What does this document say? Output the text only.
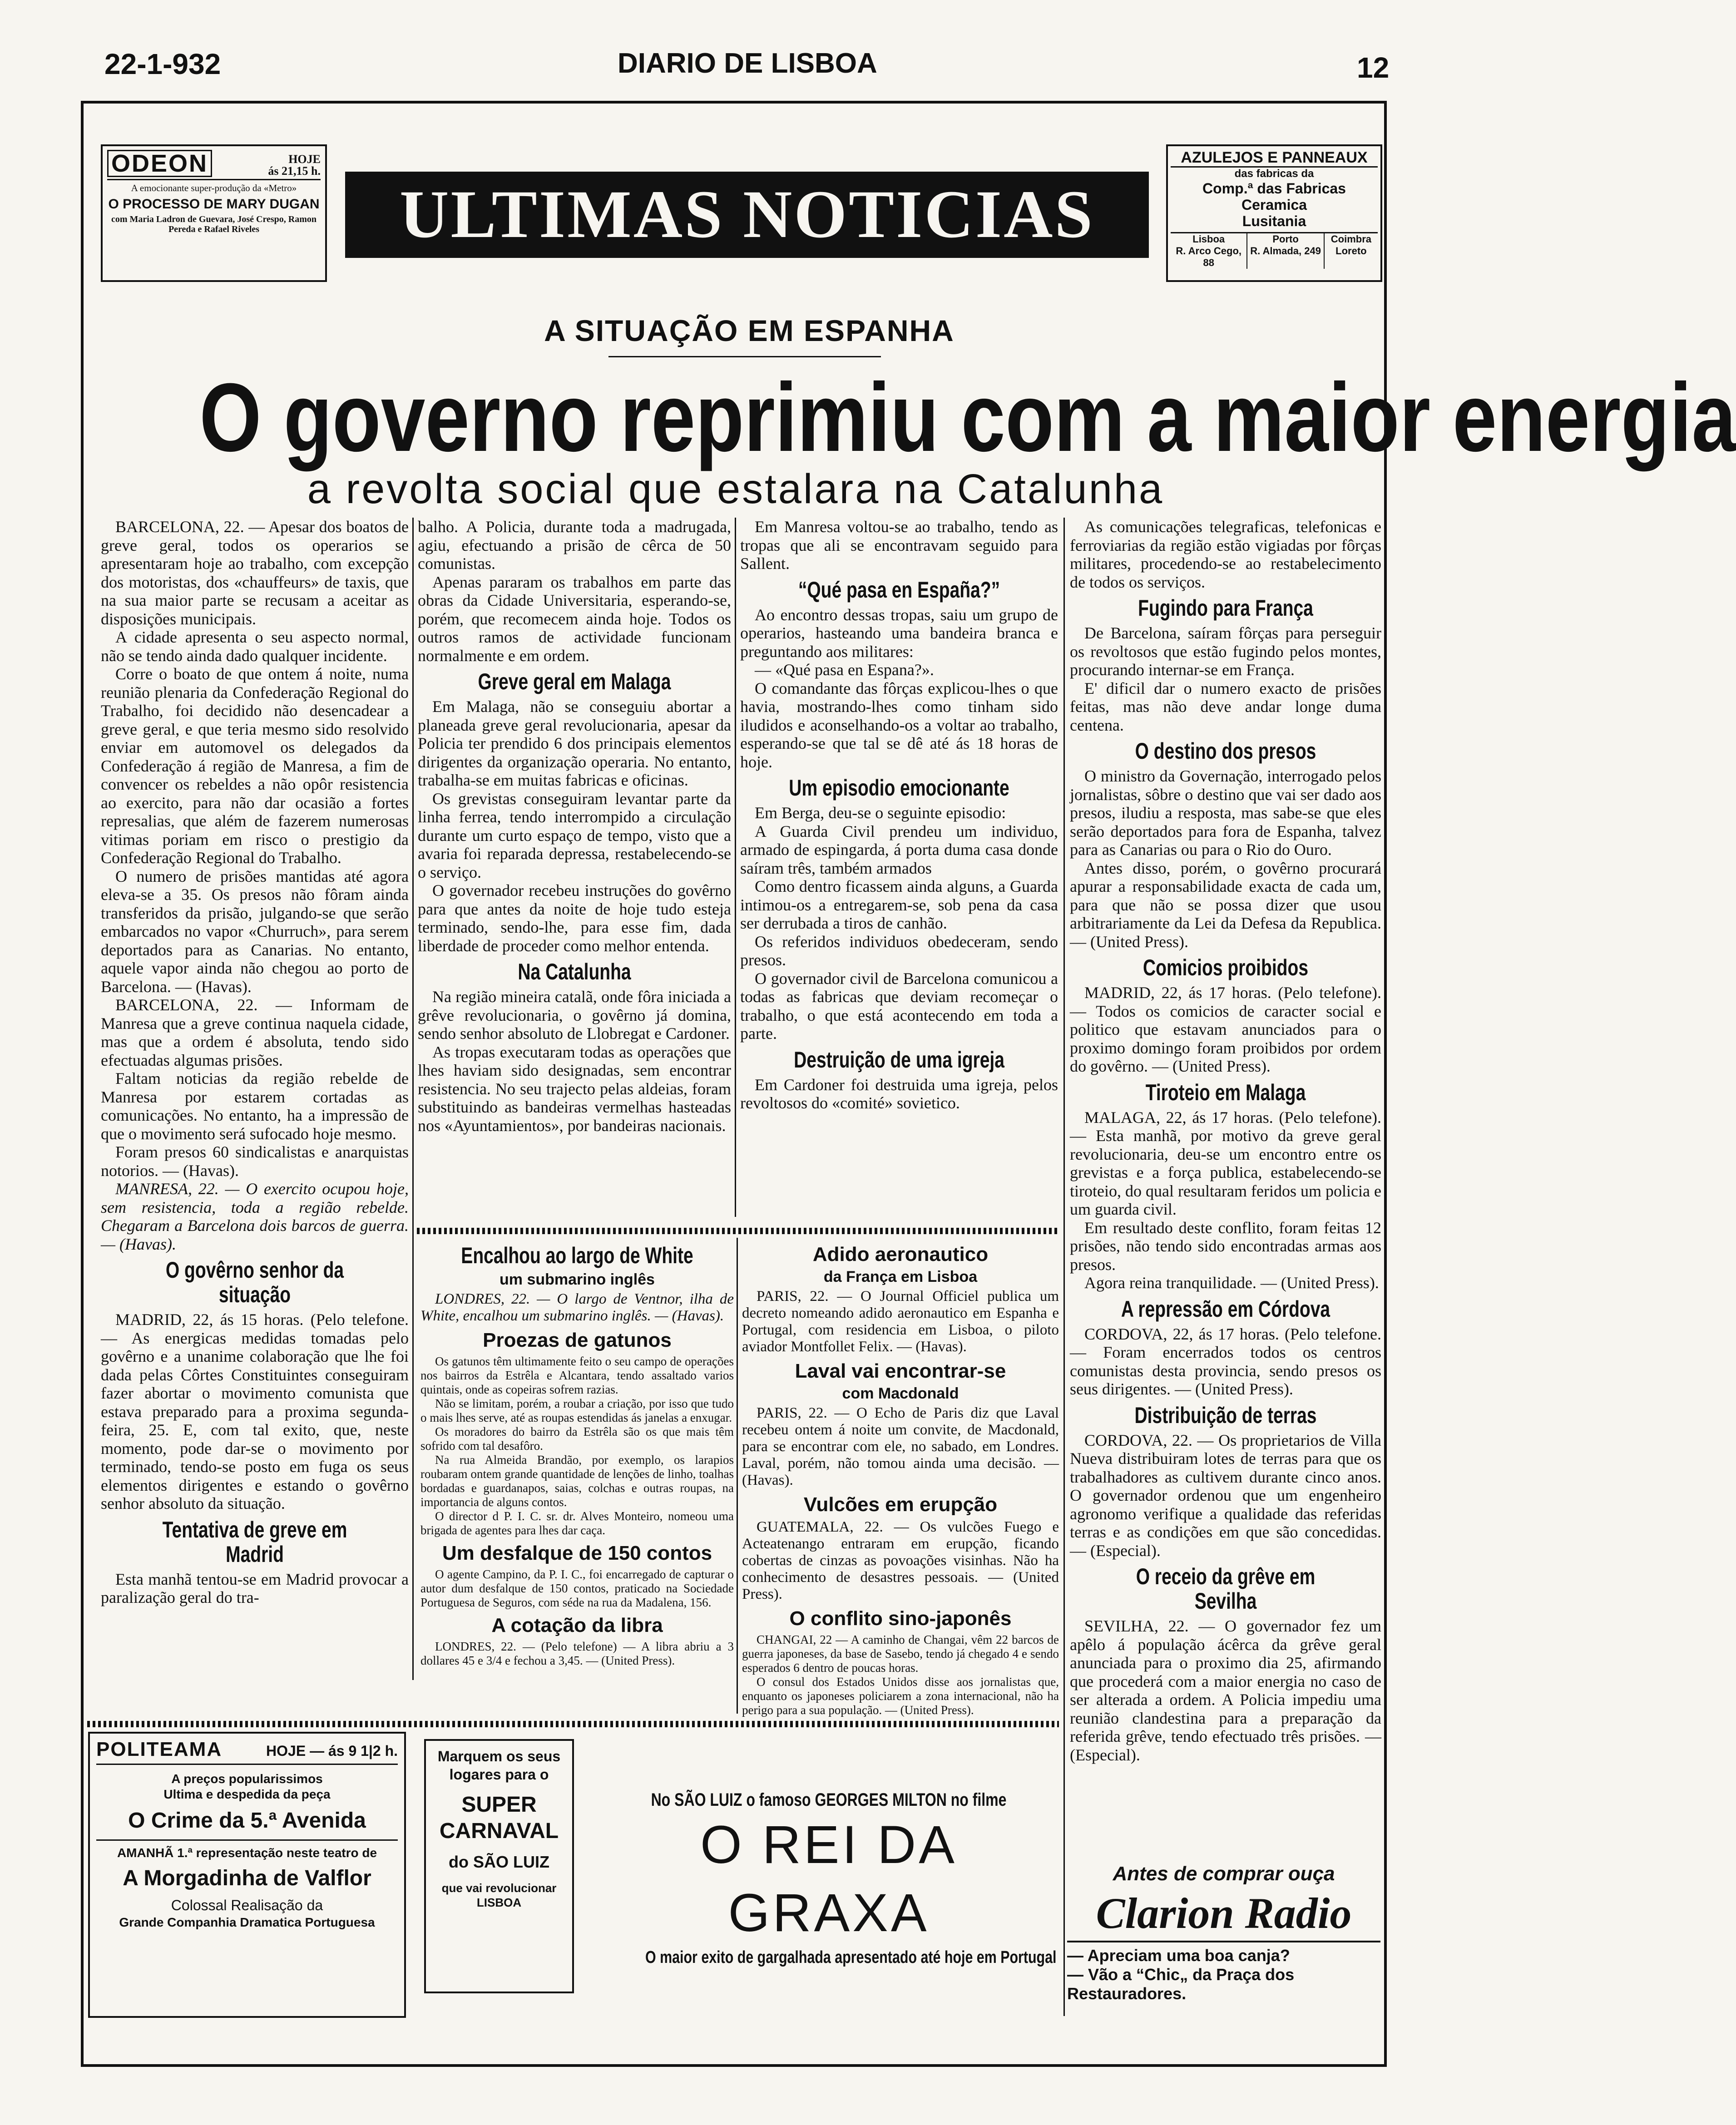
22-1-932	DIARIO DE LISBOA	12
ODEON	HOJE
ás 21,15 h.
A emocionante super-produção da «Metro»
O PROCESSO DE MARY DUGAN
com Maria Ladron de Guevara, José Crespo, Ramon Pereda e Rafael Riveles	ULTIMAS NOTICIAS
AZULEJOS E PANNEAUX
das fabricas da
Comp.ª das Fabricas Ceramica
Lusitania
Lisboa
R. Arco Cego, 88
Porto
R. Almada, 249
Coimbra
Loreto
A SITUAÇÃO EM ESPANHA
O governo reprimiu com a maior energia
a revolta social que estalara na Catalunha

BARCELONA, 22. — Apesar dos boatos de greve geral, todos os operarios se apresentaram hoje ao trabalho, com excepção dos motoristas, dos «chauffeurs» de taxis, que na sua maior parte se recusam a aceitar as disposições municipais.

A cidade apresenta o seu aspecto normal, não se tendo ainda dado qualquer incidente.

Corre o boato de que ontem á noite, numa reunião plenaria da Confederação Regional do Trabalho, foi decidido não desencadear a greve geral, e que teria mesmo sido resolvido enviar em automovel os delegados da Confederação á região de Manresa, a fim de convencer os rebeldes a não opôr resistencia ao exercito, para não dar ocasião a fortes represalias, que além de fazerem numerosas vitimas poriam em risco o prestigio da Confederação Regional do Trabalho.

O numero de prisões mantidas até agora eleva-se a 35. Os presos não fôram ainda transferidos da prisão, julgando-se que serão embarcados no vapor «Churruch», para serem deportados para as Canarias. No entanto, aquele vapor ainda não chegou ao porto de Barcelona. — (Havas).

BARCELONA, 22. — Informam de Manresa que a greve continua naquela cidade, mas que a ordem é absoluta, tendo sido efectuadas algumas prisões.

Faltam noticias da região rebelde de Manresa por estarem cortadas as comunicações. No entanto, ha a impressão de que o movimento será sufocado hoje mesmo.

Foram presos 60 sindicalistas e anarquistas notorios. — (Havas).

MANRESA, 22. — O exercito ocupou hoje, sem resistencia, toda a região rebelde. Chegaram a Barcelona dois barcos de guerra. — (Havas).

O govêrno senhor da situação

MADRID, 22, ás 15 horas. (Pelo telefone. — As energicas medidas tomadas pelo govêrno e a unanime colaboração que lhe foi dada pelas Côrtes Constituintes conseguiram fazer abortar o movimento comunista que estava preparado para a proxima segunda-feira, 25. E, com tal exito, que, neste momento, pode dar-se o movimento por terminado, tendo-se posto em fuga os seus elementos dirigentes e estando o govêrno senhor absoluto da situação.

Tentativa de greve em Madrid

Esta manhã tentou-se em Madrid provocar a paralização geral do tra-

balho. A Policia, durante toda a madrugada, agiu, efectuando a prisão de cêrca de 50 comunistas.

Apenas pararam os trabalhos em parte das obras da Cidade Universitaria, esperando-se, porém, que recomecem ainda hoje. Todos os outros ramos de actividade funcionam normalmente e em ordem.

Greve geral em Malaga

Em Malaga, não se conseguiu abortar a planeada greve geral revolucionaria, apesar da Policia ter prendido 6 dos principais elementos dirigentes da organização operaria. No entanto, trabalha-se em muitas fabricas e oficinas.

Os grevistas conseguiram levantar parte da linha ferrea, tendo interrompido a circulação durante um curto espaço de tempo, visto que a avaria foi reparada depressa, restabelecendo-se o serviço.

O governador recebeu instruções do govêrno para que antes da noite de hoje tudo esteja terminado, sendo-lhe, para esse fim, dada liberdade de proceder como melhor entenda.

Na Catalunha

Na região mineira catalã, onde fôra iniciada a grêve revolucionaria, o govêrno já domina, sendo senhor absoluto de Llobregat e Cardoner.

As tropas executaram todas as operações que lhes haviam sido designadas, sem encontrar resistencia. No seu trajecto pelas aldeias, foram substituindo as bandeiras vermelhas hasteadas nos «Ayuntamientos», por bandeiras nacionais.

Em Manresa voltou-se ao trabalho, tendo as tropas que ali se encontravam seguido para Sallent.

“Qué pasa en España?”

Ao encontro dessas tropas, saiu um grupo de operarios, hasteando uma bandeira branca e preguntando aos militares:

— «Qué pasa en Espana?».

O comandante das fôrças explicou-lhes o que havia, mostrando-lhes como tinham sido iludidos e aconselhando-os a voltar ao trabalho, esperando-se que tal se dê até ás 18 horas de hoje.

Um episodio emocionante

Em Berga, deu-se o seguinte episodio:

A Guarda Civil prendeu um individuo, armado de espingarda, á porta duma casa donde saíram três, também armados

Como dentro ficassem ainda alguns, a Guarda intimou-os a entregarem-se, sob pena da casa ser derrubada a tiros de canhão.

Os referidos individuos obedeceram, sendo presos.

O governador civil de Barcelona comunicou a todas as fabricas que deviam recomeçar o trabalho, o que está acontecendo em toda a parte.

Destruição de uma igreja

Em Cardoner foi destruida uma igreja, pelos revoltosos do «comité» sovietico.

As comunicações telegraficas, telefonicas e ferroviarias da região estão vigiadas por fôrças militares, procedendo-se ao restabelecimento de todos os serviços.

Fugindo para França

De Barcelona, saíram fôrças para perseguir os revoltosos que estão fugindo pelos montes, procurando internar-se em França.

E' dificil dar o numero exacto de prisões feitas, mas não deve andar longe duma centena.

O destino dos presos

O ministro da Governação, interrogado pelos jornalistas, sôbre o destino que vai ser dado aos presos, iludiu a resposta, mas sabe-se que eles serão deportados para fora de Espanha, talvez para as Canarias ou para o Rio do Ouro.

Antes disso, porém, o govêrno procurará apurar a responsabilidade exacta de cada um, para que não se possa dizer que usou arbitrariamente da Lei da Defesa da Republica. — (United Press).

Comicios proibidos

MADRID, 22, ás 17 horas. (Pelo telefone). — Todos os comicios de caracter social e politico que estavam anunciados para o proximo domingo foram proibidos por ordem do govêrno. — (United Press).

Tiroteio em Malaga

MALAGA, 22, ás 17 horas. (Pelo telefone). — Esta manhã, por motivo da greve geral revolucionaria, deu-se um encontro entre os grevistas e a força publica, estabelecendo-se tiroteio, do qual resultaram feridos um policia e um guarda civil.

Em resultado deste conflito, foram feitas 12 prisões, não tendo sido encontradas armas aos presos.

Agora reina tranquilidade. — (United Press).

A repressão em Córdova

CORDOVA, 22, ás 17 horas. (Pelo telefone. — Foram encerrados todos os centros comunistas desta provincia, sendo presos os seus dirigentes. — (United Press).

Distribuição de terras

CORDOVA, 22. — Os proprietarios de Villa Nueva distribuiram lotes de terras para que os trabalhadores as cultivem durante cinco anos. O governador ordenou que um engenheiro agronomo verifique a qualidade das referidas terras e as condições em que são concedidas. — (Especial).

O receio da grêve em Sevilha

SEVILHA, 22. — O governador fez um apêlo á população ácêrca da grêve geral anunciada para o proximo dia 25, afirmando que procederá com a maior energia no caso de ser alterada a ordem. A Policia impediu uma reunião clandestina para a preparação da referida grêve, tendo efectuado três prisões. — (Especial).

Encalhou ao largo de White
um submarino inglês

LONDRES, 22. — O largo de Ventnor, ilha de White, encalhou um submarino inglês. — (Havas).

Proezas de gatunos

Os gatunos têm ultimamente feito o seu campo de operações nos bairros da Estrêla e Alcantara, tendo assaltado varios quintais, onde as copeiras sofrem razias.

Não se limitam, porém, a roubar a criação, por isso que tudo o mais lhes serve, até as roupas estendidas ás janelas a enxugar.

Os moradores do bairro da Estrêla são os que mais têm sofrido com tal desafôro.

Na rua Almeida Brandão, por exemplo, os larapios roubaram ontem grande quantidade de lenções de linho, toalhas bordadas e guardanapos, saias, colchas e outras roupas, na importancia de alguns contos.

O director d P. I. C. sr. dr. Alves Monteiro, nomeou uma brigada de agentes para lhes dar caça.

Um desfalque de 150 contos

O agente Campino, da P. I. C., foi encarregado de capturar o autor dum desfalque de 150 contos, praticado na Sociedade Portuguesa de Seguros, com séde na rua da Madalena, 156.

A cotação da libra

LONDRES, 22. — (Pelo telefone) — A libra abriu a 3 dollares 45 e 3/4 e fechou a 3,45. — (United Press).

Adido aeronautico
da França em Lisboa

PARIS, 22. — O Journal Officiel publica um decreto nomeando adido aeronautico em Espanha e Portugal, com residencia em Lisboa, o piloto aviador Montfollet Felix. — (Havas).

Laval vai encontrar-se
com Macdonald

PARIS, 22. — O Echo de Paris diz que Laval recebeu ontem á noite um convite, de Macdonald, para se encontrar com ele, no sabado, em Londres. Laval, porém, não tomou ainda uma decisão. — (Havas).

Vulcões em erupção

GUATEMALA, 22. — Os vulcões Fuego e Acteatenango entraram em erupção, ficando cobertas de cinzas as povoações visinhas. Não ha conhecimento de desastres pessoais. — (United Press).

O conflito sino-japonês

CHANGAI, 22 — A caminho de Changai, vêm 22 barcos de guerra japoneses, da base de Sasebo, tendo já chegado 4 e sendo esperados 6 dentro de poucas horas.

O consul dos Estados Unidos disse aos jornalistas que, enquanto os japoneses policiarem a zona internacional, não ha perigo para a sua população. — (United Press).

POLITEAMA	HOJE — ás 9 1|2 h.
A preços popularissimos
Ultima e despedida da peça
O Crime da 5.ª Avenida
AMANHÃ 1.ª representação neste teatro de
A Morgadinha de Valflor
Colossal Realisação da
Grande Companhia Dramatica Portuguesa
Marquem os seus logares para o
SUPER CARNAVAL
do SÃO LUIZ
que vai revolucionar LISBOA
No SÃO LUIZ o famoso GEORGES MILTON no filme
O REI DA GRAXA
O maior exito de gargalhada apresentado até hoje em Portugal
Antes de comprar ouça
Clarion Radio
— Apreciam uma boa canja?
— Vão a “Chic„ da Praça dos Restauradores.
